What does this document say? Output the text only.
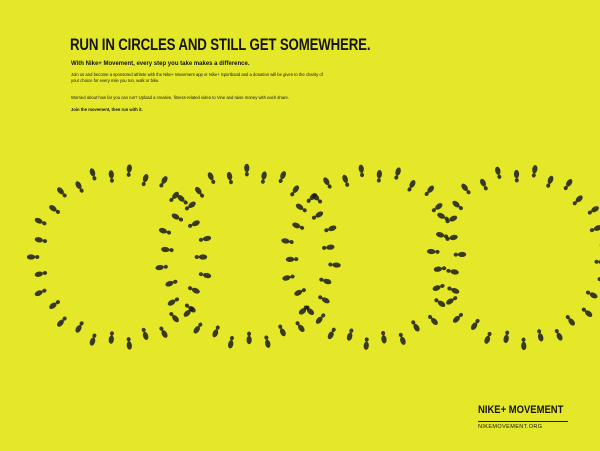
RUN IN CIRCLES AND STILL GET SOMEWHERE.

With Nike+ Movement, every step you take makes a difference.

Join us and become a sponsored athlete with the Nike+ Movement app or Nike+ Sportband and a donation will be given to the charity of your choice for every mile you run, walk or bike.

Worried about how far you can run? Upload a creative, fitness-related video to Vine and raise money with each share.

Join the movement, then run with it.

NIKE+ MOVEMENT
NIKEMOVEMENT.ORG
